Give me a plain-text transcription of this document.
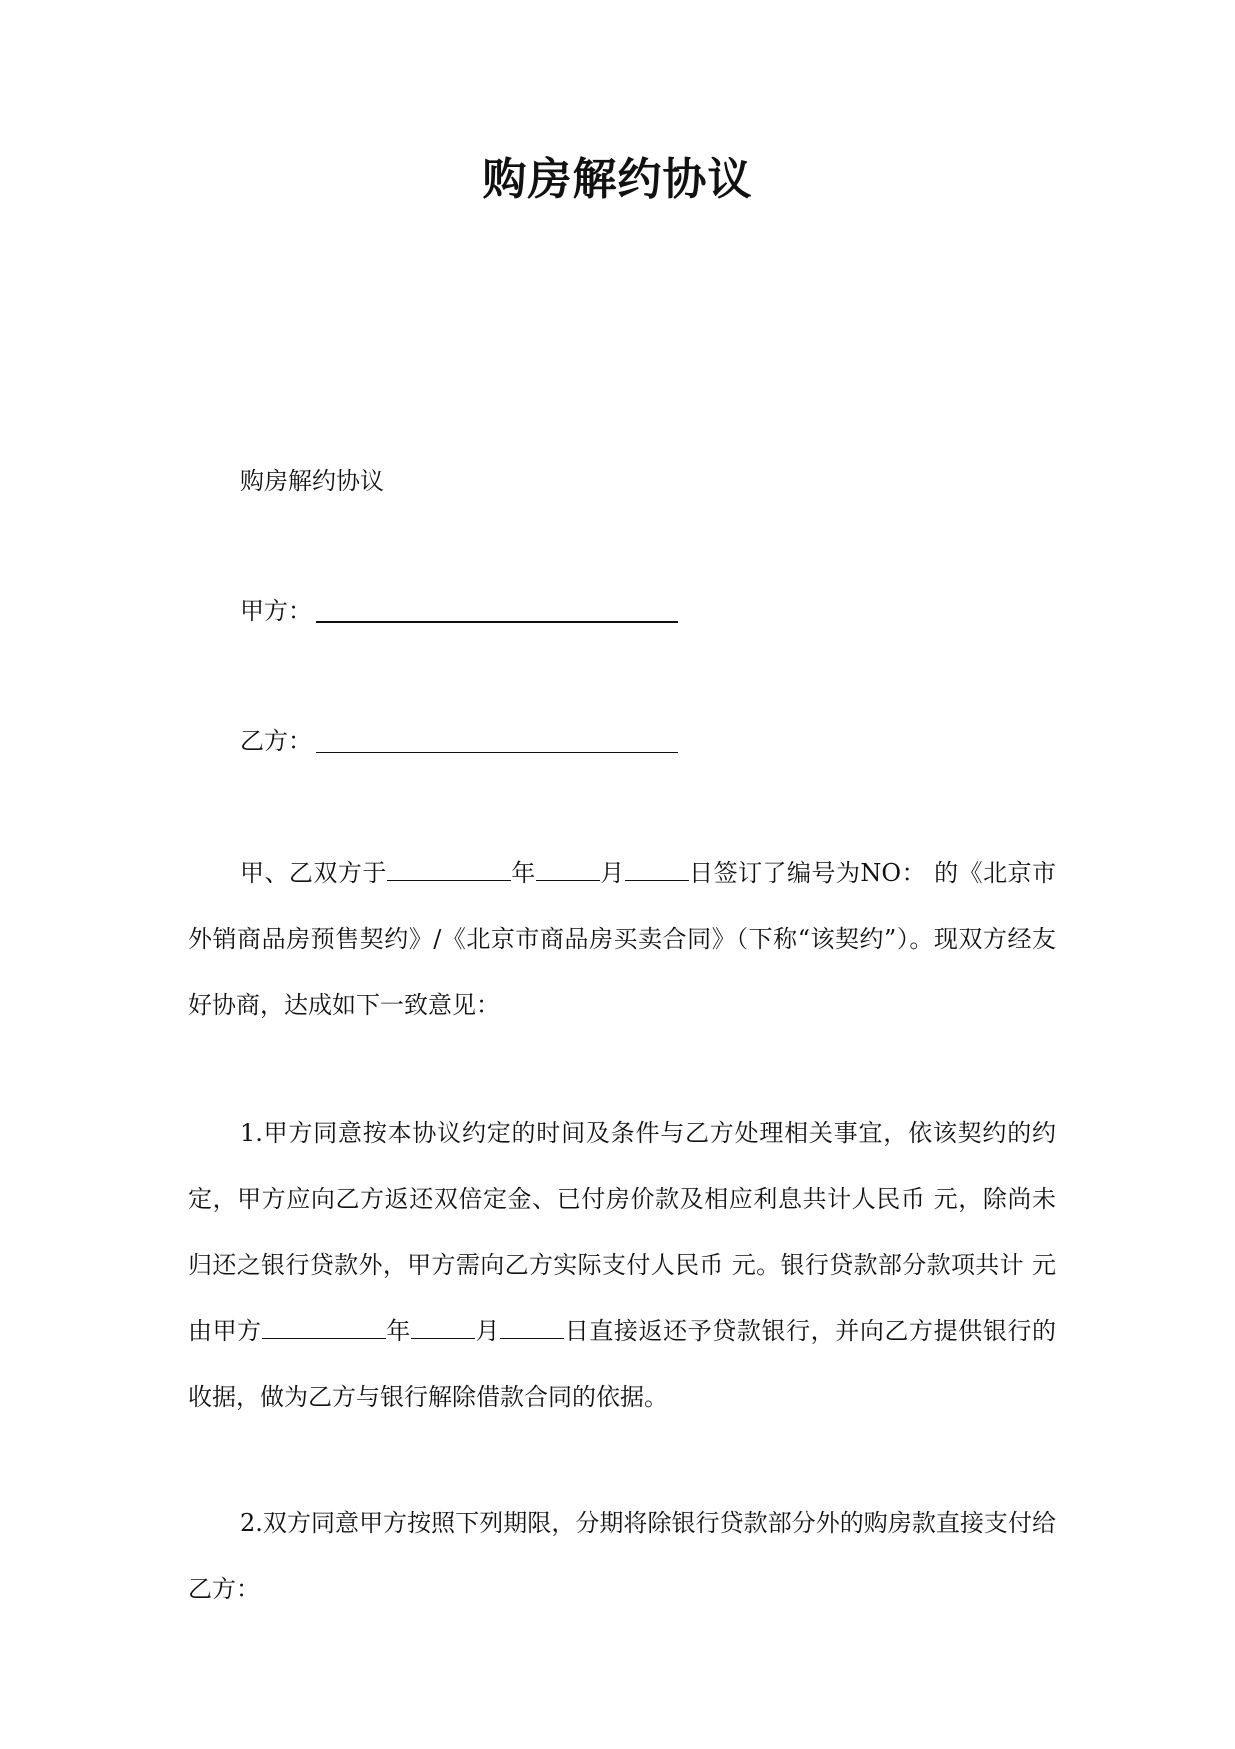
购房解约协议
购房解约协议
甲方：
乙方：

甲、乙双方于	年	月	日签订了编号为NO： 的《北京市外销商品房预售契约》/《北京市商品房买卖合同》（下称“该契约”）。现双方经友好协商，达成如下一致意见：

1.甲方同意按本协议约定的时间及条件与乙方处理相关事宜，依该契约的约定，甲方应向乙方返还双倍定金、已付房价款及相应利息共计人民币 元，除尚未归还之银行贷款外，甲方需向乙方实际支付人民币 元。银行贷款部分款项共计 元由甲方	年	月	日直接返还予贷款银行，并向乙方提供银行的收据，做为乙方与银行解除借款合同的依据。

2.双方同意甲方按照下列期限，分期将除银行贷款部分外的购房款直接支付给乙方：
